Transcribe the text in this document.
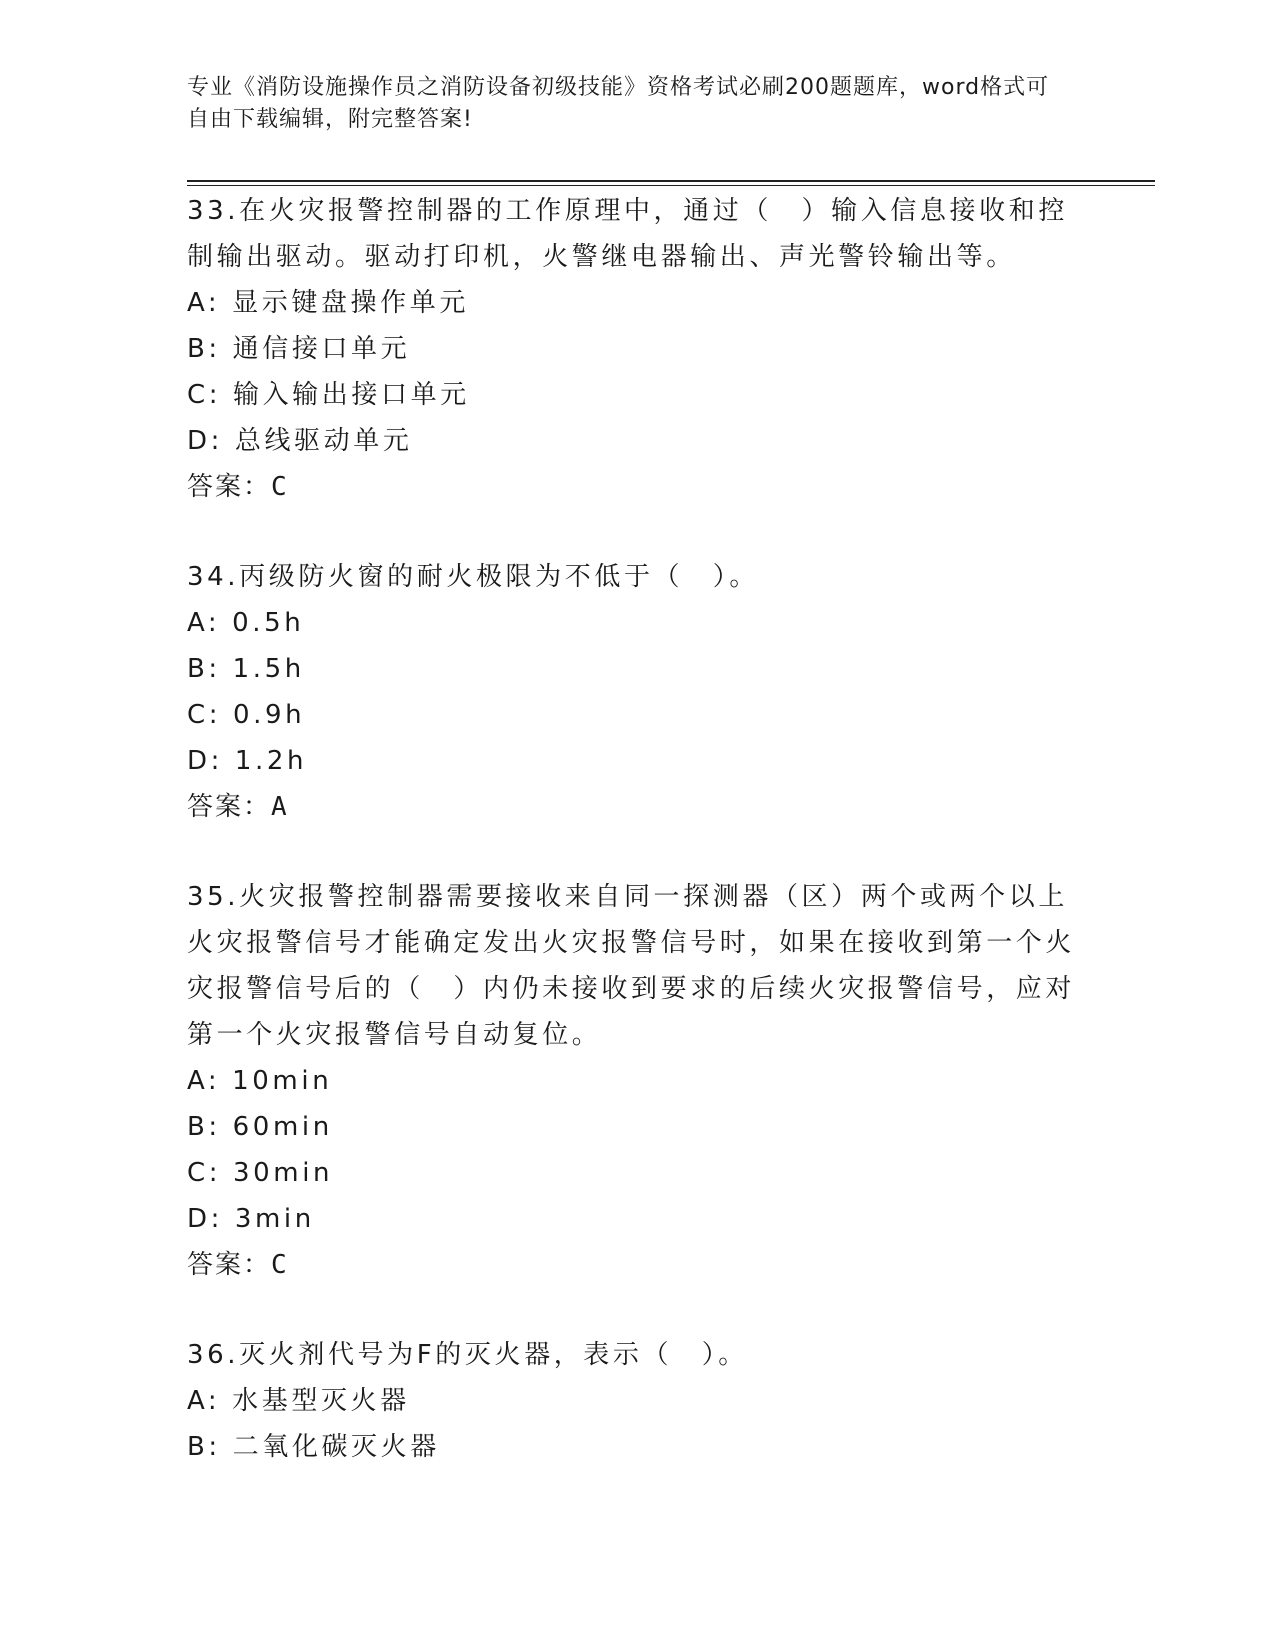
专业《消防设施操作员之消防设备初级技能》资格考试必刷200题题库，word格式可自由下载编辑，附完整答案!

33.在火灾报警控制器的工作原理中，通过（　）输入信息接收和控制输出驱动。驱动打印机，火警继电器输出、声光警铃输出等。

A: 显示键盘操作单元

B: 通信接口单元

C: 输入输出接口单元

D: 总线驱动单元

答案：C

34.丙级防火窗的耐火极限为不低于（　）。

A: 0.5h

B: 1.5h

C: 0.9h

D: 1.2h

答案：A

35.火灾报警控制器需要接收来自同一探测器（区）两个或两个以上火灾报警信号才能确定发出火灾报警信号时，如果在接收到第一个火灾报警信号后的（　）内仍未接收到要求的后续火灾报警信号，应对第一个火灾报警信号自动复位。

A: 10min

B: 60min

C: 30min

D: 3min

答案：C

36.灭火剂代号为F的灭火器，表示（　）。

A: 水基型灭火器

B: 二氧化碳灭火器
